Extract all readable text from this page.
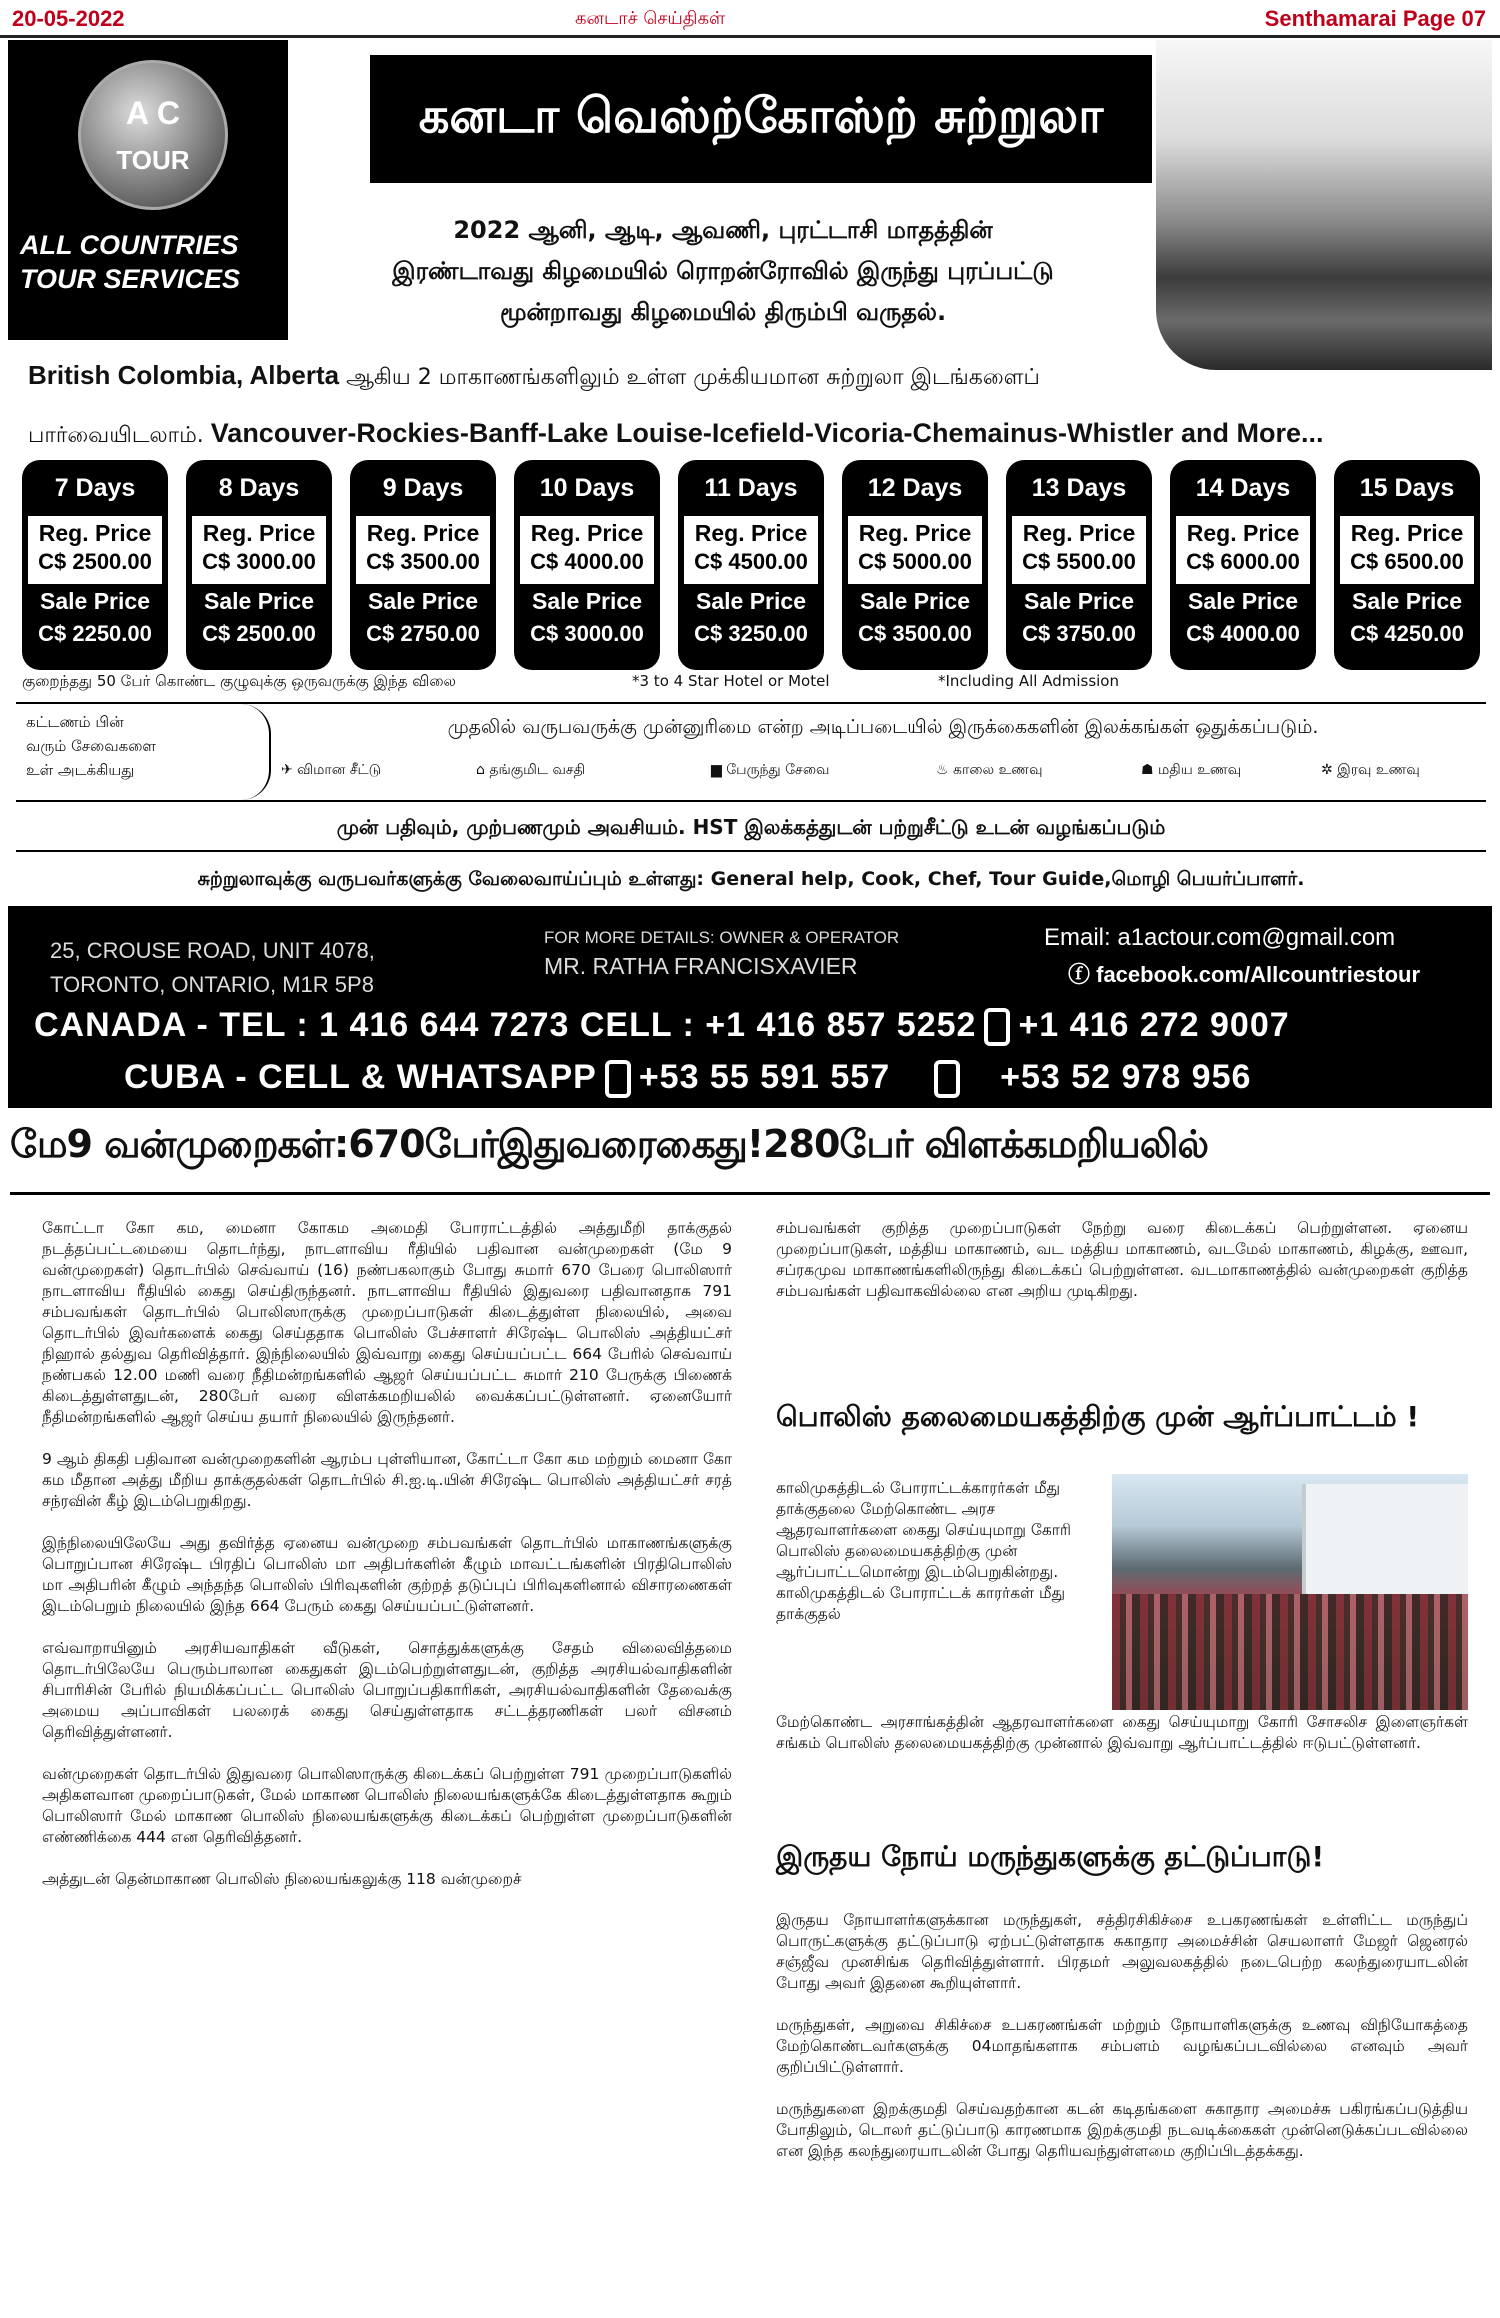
20-05-2022	கனடாச் செய்திகள்	Senthamarai Page 07
A C
TOUR
ALL COUNTRIES
TOUR SERVICES
கனடா வெஸ்ற்கோஸ்ற் சுற்றுலா
2022 ஆனி, ஆடி, ஆவணி, புரட்டாசி மாதத்தின்
இரண்டாவது கிழமையில் ரொறன்ரோவில் இருந்து புரப்பட்டு
மூன்றாவது கிழமையில் திரும்பி வருதல்.
British Colombia, Alberta ஆகிய 2 மாகாணங்களிலும் உள்ள முக்கியமான சுற்றுலா இடங்களைப்
பார்வையிடலாம். Vancouver-Rockies-Banff-Lake Louise-Icefield-Vicoria-Chemainus-Whistler and More...
7 Days
Reg. Price
C$ 2500.00
Sale Price
C$ 2250.00
8 Days
Reg. Price
C$ 3000.00
Sale Price
C$ 2500.00
9 Days
Reg. Price
C$ 3500.00
Sale Price
C$ 2750.00
10 Days
Reg. Price
C$ 4000.00
Sale Price
C$ 3000.00
11 Days
Reg. Price
C$ 4500.00
Sale Price
C$ 3250.00
12 Days
Reg. Price
C$ 5000.00
Sale Price
C$ 3500.00
13 Days
Reg. Price
C$ 5500.00
Sale Price
C$ 3750.00
14 Days
Reg. Price
C$ 6000.00
Sale Price
C$ 4000.00
15 Days
Reg. Price
C$ 6500.00
Sale Price
C$ 4250.00
குறைந்தது 50 பேர் கொண்ட குழுவுக்கு ஒருவருக்கு இந்த விலை	*3 to 4 Star Hotel or Motel	*Including All Admission
கட்டணம் பின்
வரும் சேவைகளை
உள் அடக்கியது
முதலில் வருபவருக்கு முன்னுரிமை என்ற அடிப்படையில் இருக்கைகளின் இலக்கங்கள் ஒதுக்கப்படும்.
✈ விமான சீட்டு	⌂ தங்குமிட வசதி	▆ பேருந்து சேவை	♨ காலை உணவு	☗ மதிய உணவு	✲ இரவு உணவு
முன் பதிவும், முற்பணமும் அவசியம். HST இலக்கத்துடன் பற்றுசீட்டு உடன் வழங்கப்படும்
சுற்றுலாவுக்கு வருபவர்களுக்கு வேலைவாய்ப்பும் உள்ளது: General help, Cook, Chef, Tour Guide,மொழி பெயர்ப்பாளர்.
25, CROUSE ROAD, UNIT 4078,
TORONTO, ONTARIO, M1R 5P8
FOR MORE DETAILS: OWNER & OPERATOR
MR. RATHA FRANCISXAVIER
Email: a1actour.com@gmail.com
ⓕ facebook.com/Allcountriestour
CANADA - TEL : 1 416 644 7273 CELL : +1 416 857 5252 +1 416 272 9007
CUBA - CELL & WHATSAPP +53 55 591 557	+53 52 978 956
மே9 வன்முறைகள்:670பேர்இதுவரைகைது!280பேர் விளக்கமறியலில்

கோட்டா கோ கம, மைனா கோகம அமைதி போராட்டத்தில் அத்துமீறி தாக்குதல் நடத்தப்பட்டமையை தொடர்ந்து, நாடளாவிய ரீதியில் பதிவான வன்முறைகள் (மே 9 வன்முறைகள்) தொடர்பில் செவ்வாய் (16) நண்பகலாகும் போது சுமார் 670 பேரை பொலிஸார் நாடளாவிய ரீதியில் கைது செய்திருந்தனர். நாடளாவிய ரீதியில் இதுவரை பதிவானதாக 791 சம்பவங்கள் தொடர்பில் பொலிஸாருக்கு முறைப்பாடுகள் கிடைத்துள்ள நிலையில், அவை தொடர்பில் இவர்களைக் கைது செய்ததாக பொலிஸ் பேச்சாளர் சிரேஷ்ட பொலிஸ் அத்தியட்சர் நிஹால் தல்துவ தெரிவித்தார். இந்நிலையில் இவ்வாறு கைது செய்யப்பட்ட 664 பேரில் செவ்வாய் நண்பகல் 12.00 மணி வரை நீதிமன்றங்களில் ஆஜர் செய்யப்பட்ட சுமார் 210 பேருக்கு பிணைக் கிடைத்துள்ளதுடன், 280பேர் வரை விளக்கமறியலில் வைக்கப்பட்டுள்ளனர். ஏனையோர் நீதிமன்றங்களில் ஆஜர் செய்ய தயார் நிலையில் இருந்தனர்.

9 ஆம் திகதி பதிவான வன்முறைகளின் ஆரம்ப புள்ளியான, கோட்டா கோ கம மற்றும் மைனா கோ கம மீதான அத்து மீறிய தாக்குதல்கள் தொடர்பில் சி.ஐ.டி.யின் சிரேஷ்ட பொலிஸ் அத்தியட்சர் சரத் சந்ரவின் கீழ் இடம்பெறுகிறது.

இந்நிலையிலேயே அது தவிர்த்த ஏனைய வன்முறை சம்பவங்கள் தொடர்பில் மாகாணங்களுக்கு பொறுப்பான சிரேஷ்ட பிரதிப் பொலிஸ் மா அதிபர்களின் கீழும் மாவட்டங்களின் பிரதிபொலிஸ் மா அதிபரின் கீழும் அந்தந்த பொலிஸ் பிரிவுகளின் குற்றத் தடுப்புப் பிரிவுகளினால் விசாரணைகள் இடம்பெறும் நிலையில் இந்த 664 பேரும் கைது செய்யப்பட்டுள்ளனர்.

எவ்வாறாயினும் அரசியவாதிகள் வீடுகள், சொத்துக்களுக்கு சேதம் விலைவித்தமை தொடர்பிலேயே பெரும்பாலான கைதுகள் இடம்பெற்றுள்ளதுடன், குறித்த அரசியல்வாதிகளின் சிபாரிசின் பேரில் நியமிக்கப்பட்ட பொலிஸ் பொறுப்பதிகாரிகள், அரசியல்வாதிகளின் தேவைக்கு அமைய அப்பாவிகள் பலரைக் கைது செய்துள்ளதாக சட்டத்தரணிகள் பலர் விசனம் தெரிவித்துள்ளனர்.

வன்முறைகள் தொடர்பில் இதுவரை பொலிஸாருக்கு கிடைக்கப் பெற்றுள்ள 791 முறைப்பாடுகளில் அதிகளவான முறைப்பாடுகள், மேல் மாகாண பொலிஸ் நிலையங்களுக்கே கிடைத்துள்ளதாக கூறும் பொலிஸார் மேல் மாகாண பொலிஸ் நிலையங்களுக்கு கிடைக்கப் பெற்றுள்ள முறைப்பாடுகளின் எண்ணிக்கை 444 என தெரிவித்தனர்.

அத்துடன் தென்மாகாண பொலிஸ் நிலையங்கலுக்கு 118 வன்முறைச்

சம்பவங்கள் குறித்த முறைப்பாடுகள் நேற்று வரை கிடைக்கப் பெற்றுள்ளன. ஏனைய முறைப்பாடுகள், மத்திய மாகாணம், வட மத்திய மாகாணம், வடமேல் மாகாணம், கிழக்கு, ஊவா, சப்ரகமுவ மாகாணங்களிலிருந்து கிடைக்கப் பெற்றுள்ளன. வடமாகாணத்தில் வன்முறைகள் குறித்த சம்பவங்கள் பதிவாகவில்லை என அறிய முடிகிறது.

பொலிஸ் தலைமையகத்திற்கு முன் ஆர்ப்பாட்டம் !
காலிமுகத்திடல் போராட்டக்காரர்கள் மீது தாக்குதலை மேற்கொண்ட அரச ஆதரவாளர்களை கைது செய்யுமாறு கோரி பொலிஸ் தலைமையகத்திற்கு முன் ஆர்ப்பாட்டமொன்று இடம்பெறுகின்றது. காலிமுகத்திடல் போராட்டக் காரர்கள் மீது தாக்குதல்
மேற்கொண்ட அரசாங்கத்தின் ஆதரவாளர்களை கைது செய்யுமாறு கோரி சோசலிச இளைஞர்கள் சங்கம் பொலிஸ் தலைமையகத்திற்கு முன்னால் இவ்வாறு ஆர்ப்பாட்டத்தில் ஈடுபட்டுள்ளனர்.
இருதய நோய் மருந்துகளுக்கு தட்டுப்பாடு!

இருதய நோயாளர்களுக்கான மருந்துகள், சத்திரசிகிச்சை உபகரணங்கள் உள்ளிட்ட மருந்துப் பொருட்களுக்கு தட்டுப்பாடு ஏற்பட்டுள்ளதாக சுகாதார அமைச்சின் செயலாளர் மேஜர் ஜெனரல் சஞ்ஜீவ முனசிங்க தெரிவித்துள்ளார். பிரதமர் அலுவலகத்தில் நடைபெற்ற கலந்துரையாடலின் போது அவர் இதனை கூறியுள்ளார்.

மருந்துகள், அறுவை சிகிச்சை உபகரணங்கள் மற்றும் நோயாளிகளுக்கு உணவு விநியோகத்தை மேற்கொண்டவர்களுக்கு 04மாதங்களாக சம்பளம் வழங்கப்படவில்லை எனவும் அவர் குறிப்பிட்டுள்ளார்.

மருந்துகளை இறக்குமதி செய்வதற்கான கடன் கடிதங்களை சுகாதார அமைச்சு பகிரங்கப்படுத்திய போதிலும், டொலர் தட்டுப்பாடு காரணமாக இறக்குமதி நடவடிக்கைகள் முன்னெடுக்கப்படவில்லை என இந்த கலந்துரையாடலின் போது தெரியவந்துள்ளமை குறிப்பிடத்தக்கது.
